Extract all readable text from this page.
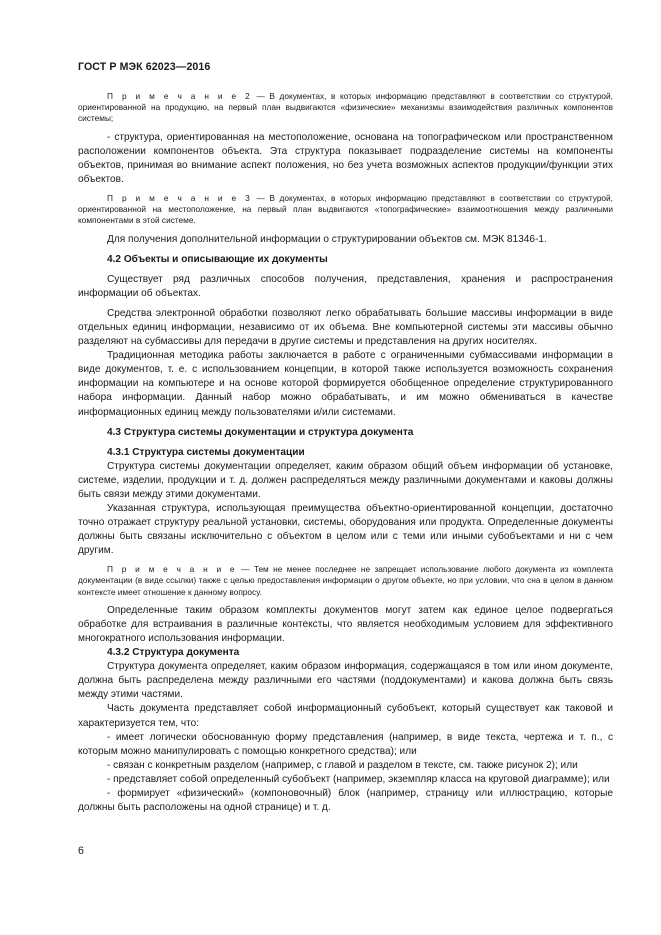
ГОСТ Р МЭК 62023—2016

П р и м е ч а н и е 2 — В документах, в которых информацию представляют в соответствии со структурой, ориентированной на продукцию, на первый план выдвигаются «физические» механизмы взаимодействия различных компонентов системы;

- структура, ориентированная на местоположение, основана на топографическом или пространственном расположении компонентов объекта. Эта структура показывает подразделение системы на компоненты объектов, принимая во внимание аспект положения, но без учета возможных аспектов продукции/функции этих объектов.

П р и м е ч а н и е 3 — В документах, в которых информацию представляют в соответствии со структурой, ориентированной на местоположение, на первый план выдвигаются «топографические» взаимоотношения между различными компонентами в этой системе.

Для получения дополнительной информации о структурировании объектов см. МЭК 81346-1.

4.2 Объекты и описывающие их документы

Существует ряд различных способов получения, представления, хранения и распространения информации об объектах.

Средства электронной обработки позволяют легко обрабатывать большие массивы информации в виде отдельных единиц информации, независимо от их объема. Вне компьютерной системы эти массивы обычно разделяют на субмассивы для передачи в другие системы и представления на других носителях.

Традиционная методика работы заключается в работе с ограниченными субмассивами информации в виде документов, т. е. с использованием концепции, в которой также используется возможность сохранения информации на компьютере и на основе которой формируется обобщенное определение структурированного набора информации. Данный набор можно обрабатывать, и им можно обмениваться в качестве информационных единиц между пользователями и/или системами.

4.3 Структура системы документации и структура документа
4.3.1 Структура системы документации

Структура системы документации определяет, каким образом общий объем информации об установке, системе, изделии, продукции и т. д. должен распределяться между различными документами и каковы должны быть связи между этими документами.

Указанная структура, использующая преимущества объектно-ориентированной концепции, достаточно точно отражает структуру реальной установки, системы, оборудования или продукта. Определенные документы должны быть связаны исключительно с объектом в целом или с теми или иными субобъектами и ни с чем другим.

П р и м е ч а н и е — Тем не менее последнее не запрещает использование любого документа из комплекта документации (в виде ссылки) также с целью предоставления информации о другом объекте, но при условии, что сна в целом в данном контексте имеет отношение к данному вопросу.

Определенные таким образом комплекты документов могут затем как единое целое подвергаться обработке для встраивания в различные контексты, что является необходимым условием для эффективного многократного использования информации.

4.3.2 Структура документа

Структура документа определяет, каким образом информация, содержащаяся в том или ином документе, должна быть распределена между различными его частями (поддокументами) и какова должна быть связь между этими частями.

Часть документа представляет собой информационный субобъект, который существует как таковой и характеризуется тем, что:

- имеет логически обоснованную форму представления (например, в виде текста, чертежа и т. п., с которым можно манипулировать с помощью конкретного средства); или

- связан с конкретным разделом (например, с главой и разделом в тексте, см. также рисунок 2); или

- представляет собой определенный субобъект (например, экземпляр класса на круговой диаграмме); или

- формирует «физический» (компоновочный) блок (например, страницу или иллюстрацию, которые должны быть расположены на одной странице) и т. д.

6
